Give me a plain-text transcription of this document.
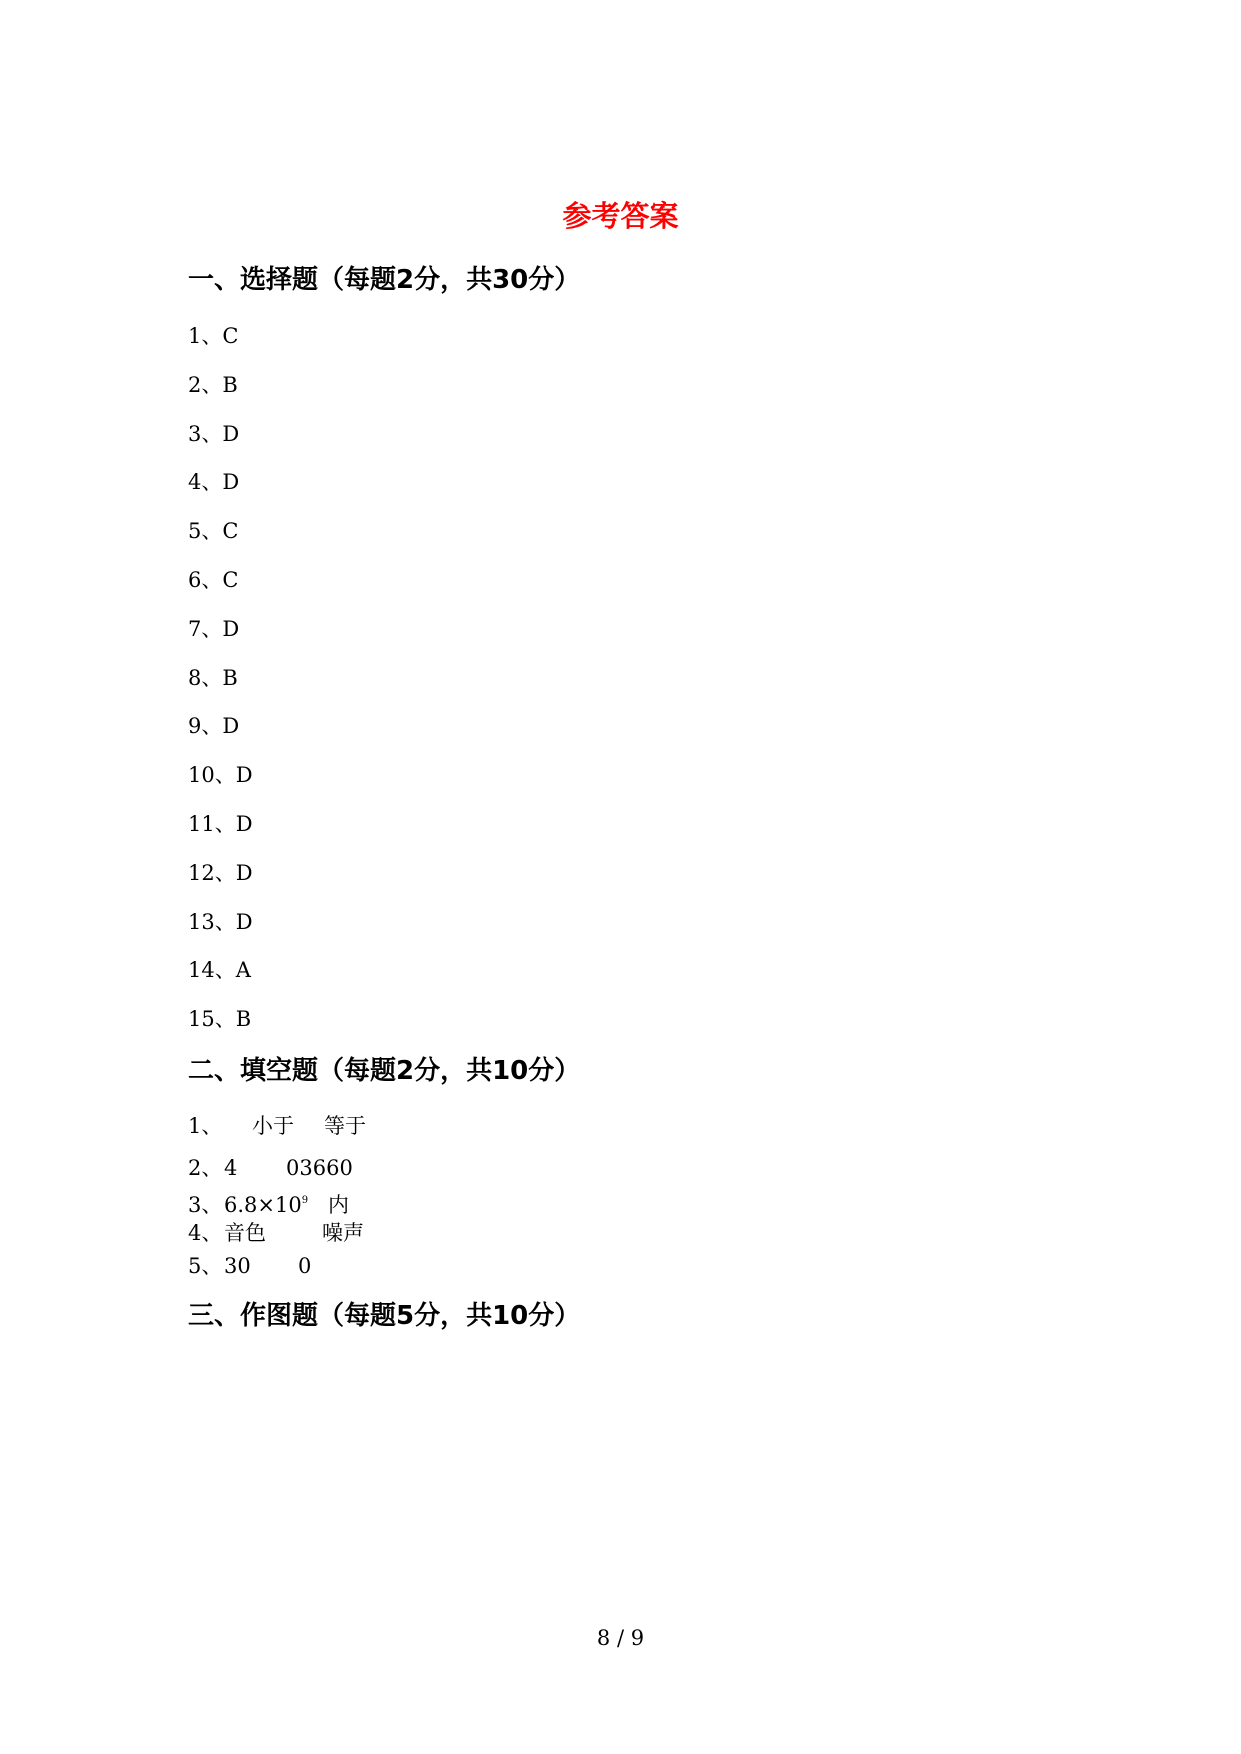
参考答案
一、选择题（每题2分，共30分）
1、C
2、B
3、D
4、D
5、C
6、C
7、D
8、B
9、D
10、D
11、D
12、D
13、D
14、A
15、B
二、填空题（每题2分，共10分）
1、 小于 等于
2、4 03660
3、$6.8\times 10^9$ 内
4、音色	噪声
5、30 0
三、作图题（每题5分，共10分）
8 / 9
